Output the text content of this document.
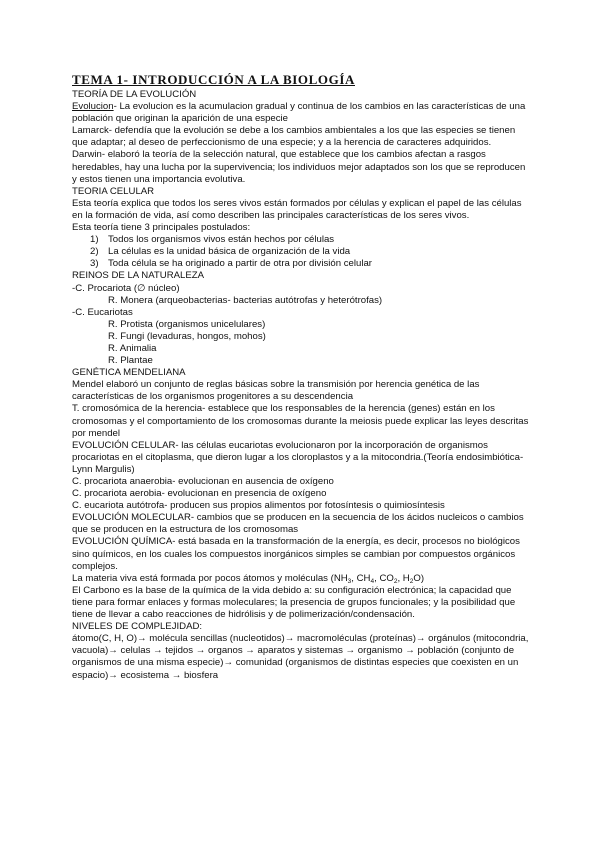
TEMA 1- INTRODUCCIÓN A LA BIOLOGÍA

TEORÍA DE LA EVOLUCIÓN

Evolucion- La evolucion es la acumulacion gradual y continua de los cambios en las características de una población que originan la aparición de una especie

Lamarck- defendía que la evolución se debe a los cambios ambientales a los que las especies se tienen que adaptar; al deseo de perfeccionismo de una especie; y a la herencia de caracteres adquiridos.

Darwin- elaboró la teoría de la selección natural, que establece que los cambios afectan a rasgos heredables, hay una lucha por la supervivencia; los individuos mejor adaptados son los que se reproducen y estos tienen una importancia evolutiva.

TEORIA CELULAR

Esta teoría explica que todos los seres vivos están formados por células y explican el papel de las células en la formación de vida, así como describen las principales características de los seres vivos.

Esta teoría tiene 3 principales postulados:

1) Todos los organismos vivos están hechos por células
2) La células es la unidad básica de organización de la vida
3) Toda célula se ha originado a partir de otra por división celular

REINOS DE LA NATURALEZA

-C. Procariota (∅ núcleo)

R. Monera (arqueobacterias- bacterias autótrofas y heterótrofas)

-C. Eucariotas

R. Protista (organismos unicelulares)

R. Fungi (levaduras, hongos, mohos)

R. Animalia

R. Plantae

GENÉTICA MENDELIANA

Mendel elaboró un conjunto de reglas básicas sobre la transmisión por herencia genética de las características de los organismos progenitores a su descendencia

T. cromosómica de la herencia- establece que los responsables de la herencia (genes) están en los cromosomas y el comportamiento de los cromosomas durante la meiosis puede explicar las leyes descritas por mendel

EVOLUCIÓN CELULAR- las células eucariotas evolucionaron por la incorporación de organismos procariotas en el citoplasma, que dieron lugar a los cloroplastos y a la mitocondria.(Teoría endosimbiótica- Lynn Margulis)

C. procariota anaerobia- evolucionan en ausencia de oxígeno

C. procariota aerobia- evolucionan en presencia de oxígeno

C. eucariota autótrofa- producen sus propios alimentos por fotosíntesis o quimiosíntesis

EVOLUCIÓN MOLECULAR- cambios que se producen en la secuencia de los ácidos nucleicos o cambios que se producen en la estructura de los cromosomas

EVOLUCIÓN QUÍMICA- está basada en la transformación de la energía, es decir, procesos no biológicos sino químicos, en los cuales los compuestos inorgánicos simples se cambian por compuestos orgánicos complejos.

La materia viva está formada por pocos átomos y moléculas ($NH_3$, $CH_4$, $CO_2$, $H_2O$)

El Carbono es la base de la química de la vida debido a: su configuración electrónica; la capacidad que tiene para formar enlaces y formas moleculares; la presencia de grupos funcionales; y la posibilidad que tiene de llevar a cabo reacciones de hidrólisis y de polimerización/condensación.

NIVELES DE COMPLEJIDAD:

átomo(C, H, O)→ molécula sencillas (nucleotidos)→ macromoléculas (proteínas)→ orgánulos (mitocondria, vacuola)→ celulas → tejidos → organos → aparatos y sistemas → organismo → población (conjunto de organismos de una misma especie)→ comunidad (organismos de distintas especies que coexisten en un espacio)→ ecosistema → biosfera
